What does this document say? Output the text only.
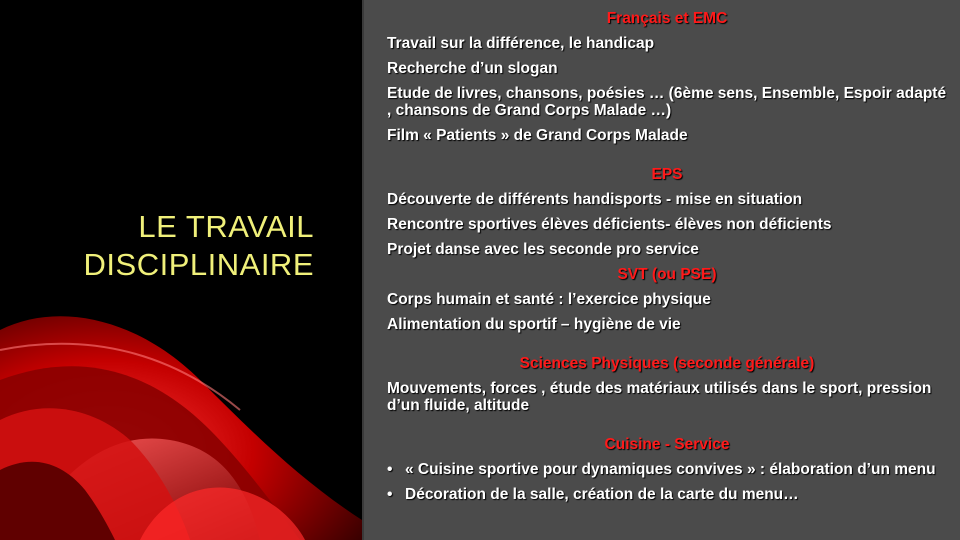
LE TRAVAIL
DISCIPLINAIRE
Français et EMC

Travail sur la différence, le handicap

Recherche d’un slogan

Etude de livres, chansons, poésies … (6ème sens, Ensemble, Espoir adapté , chansons de Grand Corps Malade …)

Film « Patients » de Grand Corps Malade

EPS

Découverte de différents handisports - mise en situation

Rencontre sportives élèves déficients- élèves non déficients

Projet danse avec les seconde pro service

SVT (ou PSE)

Corps humain et santé : l’exercice physique

Alimentation du sportif – hygiène de vie

Sciences Physiques (seconde générale)

Mouvements, forces , étude des matériaux utilisés dans le sport, pression d’un fluide, altitude

Cuisine - Service
• « Cuisine sportive pour dynamiques convives » : élaboration d’un menu
• Décoration de la salle, création de la carte du menu…
